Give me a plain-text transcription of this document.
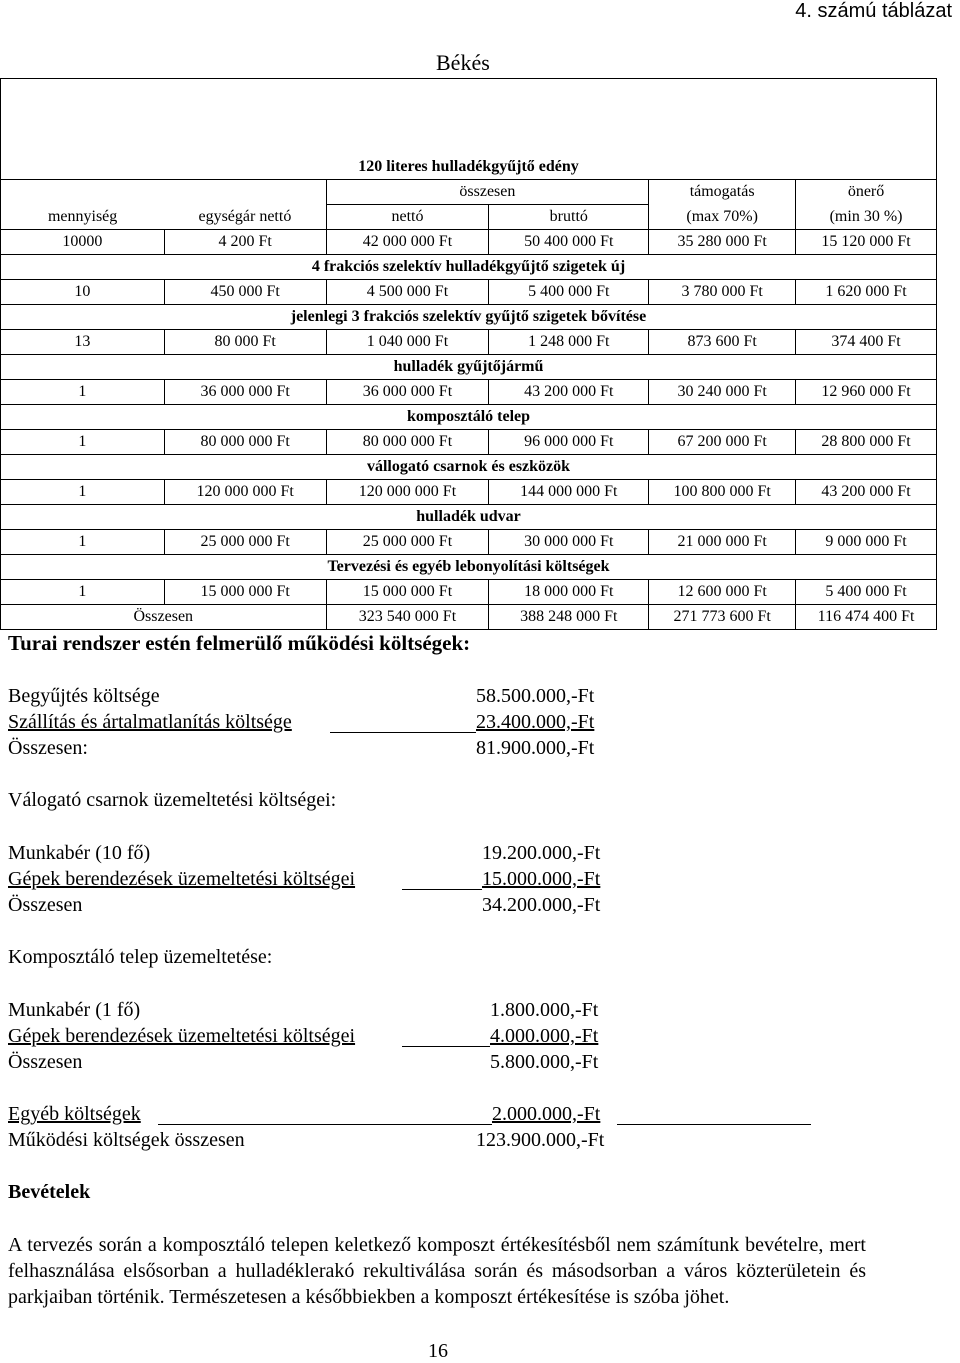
4. számú táblázat
Békés

120 literes hulladékgyűjtő edény					
		összesen		támogatás	önerő
mennyiség	egységár nettó	nettó	bruttó	(max 70%)	(min 30 %)
10000	4 200 Ft	42 000 000 Ft	50 400 000 Ft	35 280 000 Ft	15 120 000 Ft
4 frakciós szelektív hulladékgyűjtő szigetek új					
10	450 000 Ft	4 500 000 Ft	5 400 000 Ft	3 780 000 Ft	1 620 000 Ft
jelenlegi 3 frakciós szelektív gyűjtő szigetek bővítése					
13	80 000 Ft	1 040 000 Ft	1 248 000 Ft	873 600 Ft	374 400 Ft
hulladék gyűjtőjármű					
1	36 000 000 Ft	36 000 000 Ft	43 200 000 Ft	30 240 000 Ft	12 960 000 Ft
komposztáló telep					
1	80 000 000 Ft	80 000 000 Ft	96 000 000 Ft	67 200 000 Ft	28 800 000 Ft
vállogató csarnok és eszközök					
1	120 000 000 Ft	120 000 000 Ft	144 000 000 Ft	100 800 000 Ft	43 200 000 Ft
hulladék udvar					
1	25 000 000 Ft	25 000 000 Ft	30 000 000 Ft	21 000 000 Ft	9 000 000 Ft
Tervezési és egyéb lebonyolítási költségek					
1	15 000 000 Ft	15 000 000 Ft	18 000 000 Ft	12 600 000 Ft	5 400 000 Ft
Összesen		323 540 000 Ft	388 248 000 Ft	271 773 600 Ft	116 474 400 Ft
Turai rendszer estén felmerülő működési költségek:
Begyűjtés költsége	58.500.000,-Ft
Szállítás és ártalmatlanítás költsége	23.400.000,-Ft
Összesen:	81.900.000,-Ft
Válogató csarnok üzemeltetési költségei:
Munkabér (10 fő)	19.200.000,-Ft
Gépek berendezések üzemeltetési költségei	15.000.000,-Ft
Összesen	34.200.000,-Ft
Komposztáló telep üzemeltetése:
Munkabér (1 fő)	1.800.000,-Ft
Gépek berendezések üzemeltetési költségei	4.000.000,-Ft
Összesen	5.800.000,-Ft
Egyéb költségek	2.000.000,-Ft
Működési költségek összesen	123.900.000,-Ft
Bevételek
A tervezés során a komposztáló telepen keletkező komposzt értékesítésből nem számítunk bevételre, mert felhasználása elsősorban a hulladéklerakó rekultiválása során és másodsorban a város közterületein és parkjaiban történik. Természetesen a későbbiekben a komposzt értékesítése is szóba jöhet.
16
